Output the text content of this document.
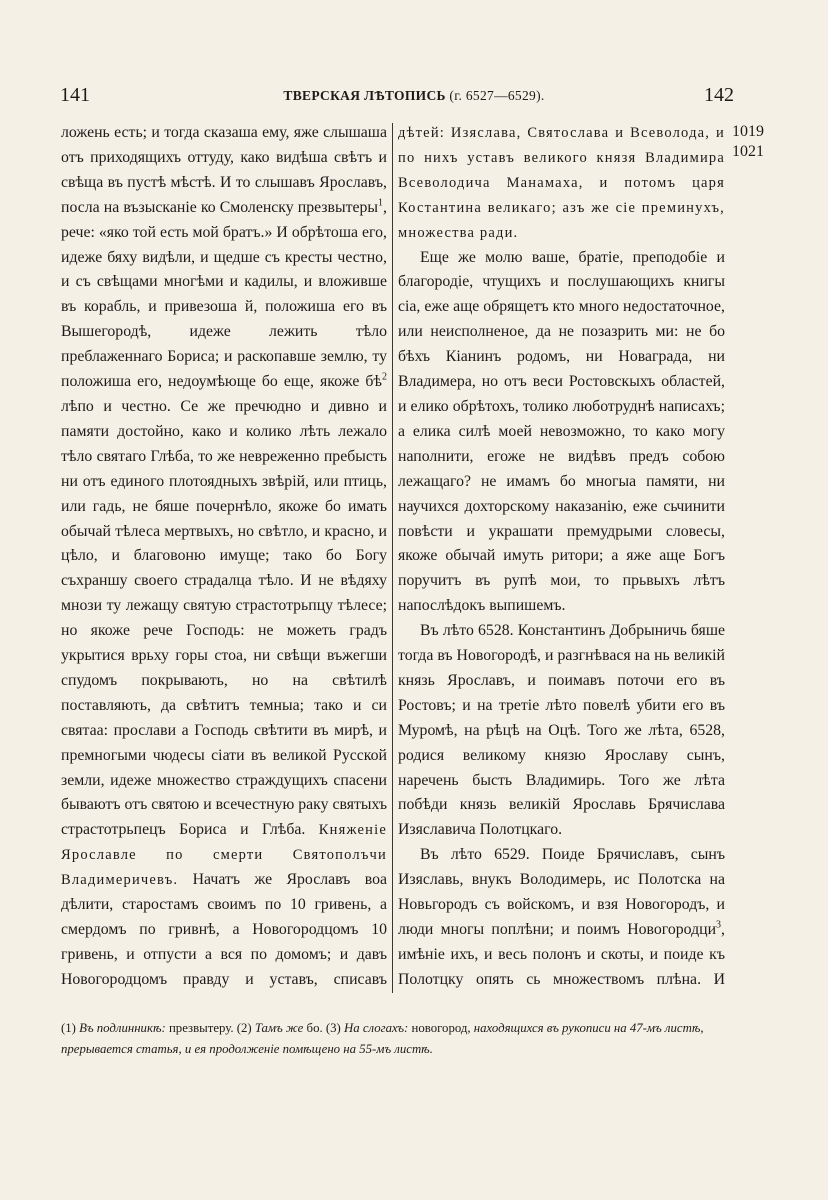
141	ТВЕРСКАЯ ЛѢТОПИСЬ (г. 6527—6529).	142

ложень есть; и тогда сказаша ему, яже слышаша отъ приходящихъ оттуду, како видѣша свѣтъ и свѣща въ пустѣ мѣстѣ. И то слышавъ Ярославъ, посла на възысканіе ко Смоленску презвытеры$^1$, рече: «яко той есть мой братъ.» И обрѣтоша его, идеже бяху видѣли, и щедше съ кресты честно, и съ свѣщами многѣми и кадилы, и вложивше въ корабль, и привезоша й, положиша его въ Вышегородѣ, идеже лежить тѣло преблаженнаго Бориса; и раскопавше землю, ту положиша его, недоумѣюще бо еще, якоже $бѣ^2$ лѣпо и честно. Се же пречюдно и дивно и памяти достойно, како и колико лѣть лежало тѣло святаго Глѣба, то же невреженно пребысть ни отъ единого плотоядныхъ звѣрій, или птиць, или гадь, не бяше почернѣло, якоже бо имать обычай тѣлеса мертвыхъ, но свѣтло, и красно, и цѣло, и благовоню имуще; тако бо Богу съхраншу своего страдалца тѣло. И не вѣдяху мнози ту лежащу святую страстотрьпцу тѣлесе; но якоже рече Господь: не можеть градъ укрытися врьху горы стоа, ни свѣщи въжегши спудомъ покрывають, но на свѣтилѣ поставляють, да свѣтитъ темныа; тако и си святаа: прослави а Господь свѣтити въ мирѣ, и премногыми чюдесы сіати въ великой Русской земли, идеже множество страждущихъ спасени бываютъ отъ святою и всечестную раку святыхъ страстотрьпецъ Бориса и Глѣба. Княженіе Ярославле по смерти Святополъчи Владимеричевъ. Начатъ же Ярославъ воа дѣлити, старостамъ своимъ по 10 гривень, а смердомъ по гривнѣ, а Новогородцомъ 10 гривень, и отпусти а вся по домомъ; и давъ Новогородцомъ правду и уставъ, списавъ

дѣтей: Изяслава, Святослава и Всеволода, и по нихъ уставъ великого князя Владимира Всеволодича Манамаха, и потомъ царя Костантина великаго; азъ же сіе преминухъ, множества ради.

Еще же молю ваше, братіе, преподобіе и благородіе, чтущихъ и послушающихъ книгы сіа, еже аще обрящетъ кто много недостаточное, или неисполненое, да не позазрить ми: не бо бѣхъ Кіанинъ родомъ, ни Новаграда, ни Владимера, но отъ веси Ростовскыхъ областей, и елико обрѣтохъ, толико люботруднѣ написахъ; а елика силѣ моей невозможно, то како могу наполнити, егоже не видѣвъ предъ собою лежащаго? не имамъ бо многыа памяти, ни научихся дохторскому наказанію, еже сьчинити повѣсти и украшати премудрыми словесы, якоже обычай имуть ритори; а яже аще Богъ поручитъ въ рупѣ мои, то прьвыхъ лѣтъ напослѣдокъ выпишемъ.

Въ лѣто 6528. Константинъ Добрыничь бяше тогда въ Новогородѣ, и разгнѣвася на нь великій князь Ярославъ, и поимавъ поточи его въ Ростовъ; и на третіе лѣто повелѣ убити его въ Муромѣ, на рѣцѣ на Оцѣ. Того же лѣта, 6528, родися великому князю Ярославу сынъ, наречень бысть Владимирь. Того же лѣта побѣди князь великій Ярославь Брячислава Изяславича Полотцкаго.

Въ лѣто 6529. Поиде Брячиславъ, сынъ Изяславь, внукъ Володимерь, ис Полотска на Новьгородъ съ войскомъ, и взя Новогородъ, и люди многы поплѣни; и поимъ Новогородци$^3$, имѣніе ихъ, и весь полонъ и скоты, и поиде къ Полотцку опять сь множествомъ плѣна. И

1019
1021
(1) Въ подлинникѣ: презвытеру. (2) Тамъ же бо. (3) На слогахъ: новогород, находящихся въ рукописи на 47-мъ листѣ, прерывается статья, и ея продолженіе помѣщено на 55-мъ листѣ.
